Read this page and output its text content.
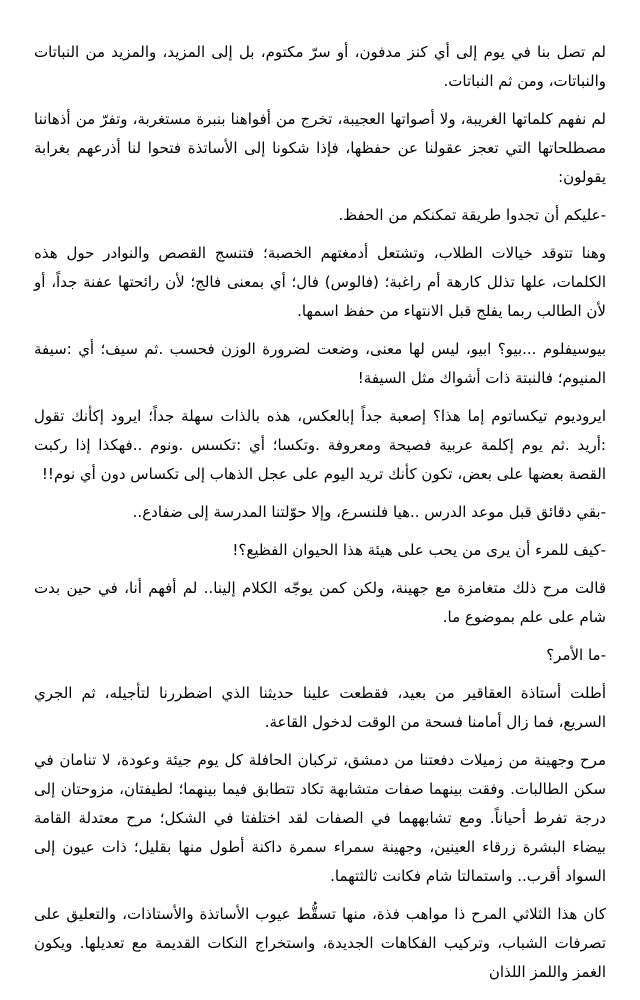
لم تصل بنا في يوم إلى أي كنز مدفون، أو سرّ مكتوم، بل إلى المزيد، والمزيد من النباتات والنباتات، ومن ثم النباتات.

لم نفهم كلماتها الغريبة، ولا أصواتها العجيبة، تخرج من أفواهنا بنبرة مستغربة، وتفرّ من أذهاننا مصطلحاتها التي تعجز عقولنا عن حفظها، فإذا شكونا إلى الأساتذة فتحوا لنا أذرعهم بغرابة يقولون:

-عليكم أن تجدوا طريقة تمكنكم من الحفظ.

وهنا تتوقد خيالات الطلاب، وتشتعل أدمغتهم الخصبة؛ فتنسج القصص والنوادر حول هذه الكلمات، علها تذلل كارهة أم راغبة؛ (فالوس) فال؛ أي بمعنى فالج؛ لأن رائحتها عفنة جداً، أو لأن الطالب ربما يفلج قبل الانتهاء من حفظ اسمها.

بيوسيفلوم ...بيو؟ ابيو، ليس لها معنى، وضعت لضرورة الوزن فحسب .ثم سيف؛ أي :سيفة المنيوم؛ فالنبتة ذات أشواك مثل السيفة!

ايروديوم تيكساتوم إما هذا؟ إصعبة جداً إبالعكس، هذه بالذات سهلة جداً؛ ايرود إكأنك تقول :أريد .ثم يوم إكلمة عربية فصيحة ومعروفة .وتكسا؛ أي :تكسس .ونوم ..فهكذا إذا ركبت القصة بعضها على بعض، تكون كأنك تريد اليوم على عجل الذهاب إلى تكساس دون أي نوم!!

-بقي دقائق قبل موعد الدرس ..هيا فلنسرع، وإلا حوّلتنا المدرسة إلى ضفادع..

-كيف للمرء أن يرى من يحب على هيئة هذا الحيوان الفظيع؟!

قالت مرح ذلك متغامزة مع جهينة، ولكن كمن يوجّه الكلام إلينا.. لم أفهم أنا، في حين بدت شام على علم بموضوع ما.

-ما الأمر؟

أطلت أستاذة العقاقير من بعيد، فقطعت علينا حديثنا الذي اضطررنا لتأجيله، ثم الجري السريع، فما زال أمامنا فسحة من الوقت لدخول القاعة.

مرح وجهينة من زميلات دفعتنا من دمشق، تركبان الحافلة كل يوم جيئة وعودة، لا تنامان في سكن الطالبات. وفقت بينهما صفات متشابهة تكاد تتطابق فيما بينهما؛ لطيفتان، مزوحتان إلى درجة تفرط أحياناً. ومع تشابههما في الصفات لقد اختلفتا في الشكل؛ مرح معتدلة القامة بيضاء البشرة زرقاء العينين، وجهينة سمراء سمرة داكنة أطول منها بقليل؛ ذات عيون إلى السواد أقرب.. واستمالتا شام فكانت ثالثتهما.

كان هذا الثلاثي المرح ذا مواهب فذة، منها تسقُّط عيوب الأساتذة والأستاذات، والتعليق على تصرفات الشباب، وتركيب الفكاهات الجديدة، واستخراج النكات القديمة مع تعديلها. ويكون الغمز واللمز اللذان
